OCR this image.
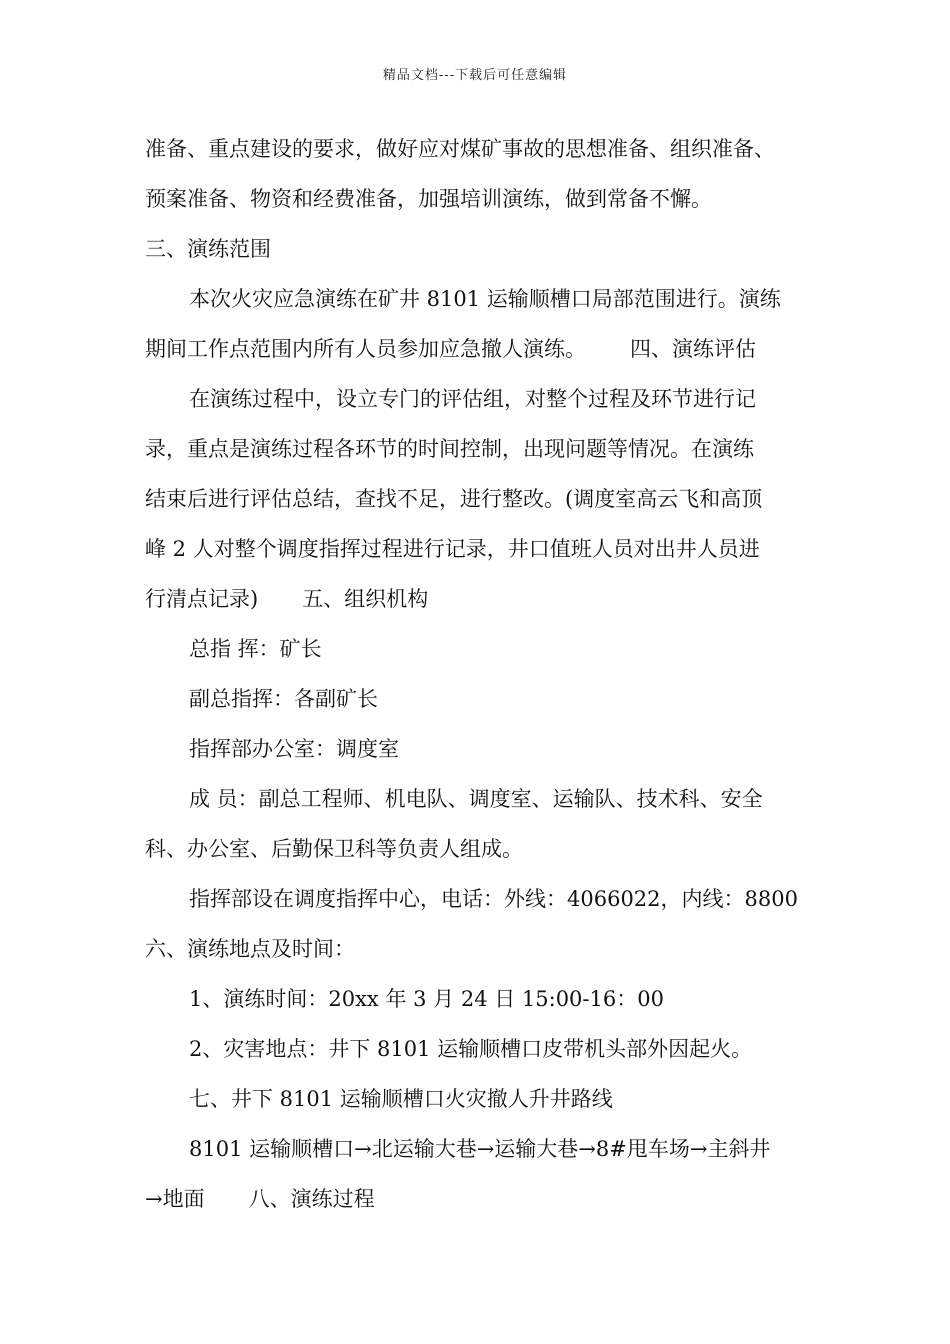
精品文档---下载后可任意编辑
准备、重点建设的要求，做好应对煤矿事故的思想准备、组织准备、
预案准备、物资和经费准备，加强培训演练，做到常备不懈。
三、演练范围
本次火灾应急演练在矿井 8101 运输顺槽口局部范围进行。演练
期间工作点范围内所有人员参加应急撤人演练。 四、演练评估
在演练过程中，设立专门的评估组，对整个过程及环节进行记
录，重点是演练过程各环节的时间控制，出现问题等情况。在演练
结束后进行评估总结，查找不足，进行整改。(调度室高云飞和高顶
峰 2 人对整个调度指挥过程进行记录，井口值班人员对出井人员进
行清点记录) 五、组织机构
总指 挥：矿长
副总指挥：各副矿长
指挥部办公室：调度室
成 员：副总工程师、机电队、调度室、运输队、技术科、安全
科、办公室、后勤保卫科等负责人组成。
指挥部设在调度指挥中心，电话：外线：4066022，内线：8800
六、演练地点及时间：
1、演练时间：20xx 年 3 月 24 日 15:00-16：00
2、灾害地点：井下 8101 运输顺槽口皮带机头部外因起火。
七、井下 8101 运输顺槽口火灾撤人升井路线
8101 运输顺槽口→北运输大巷→运输大巷→8#甩车场→主斜井
→地面 八、演练过程
